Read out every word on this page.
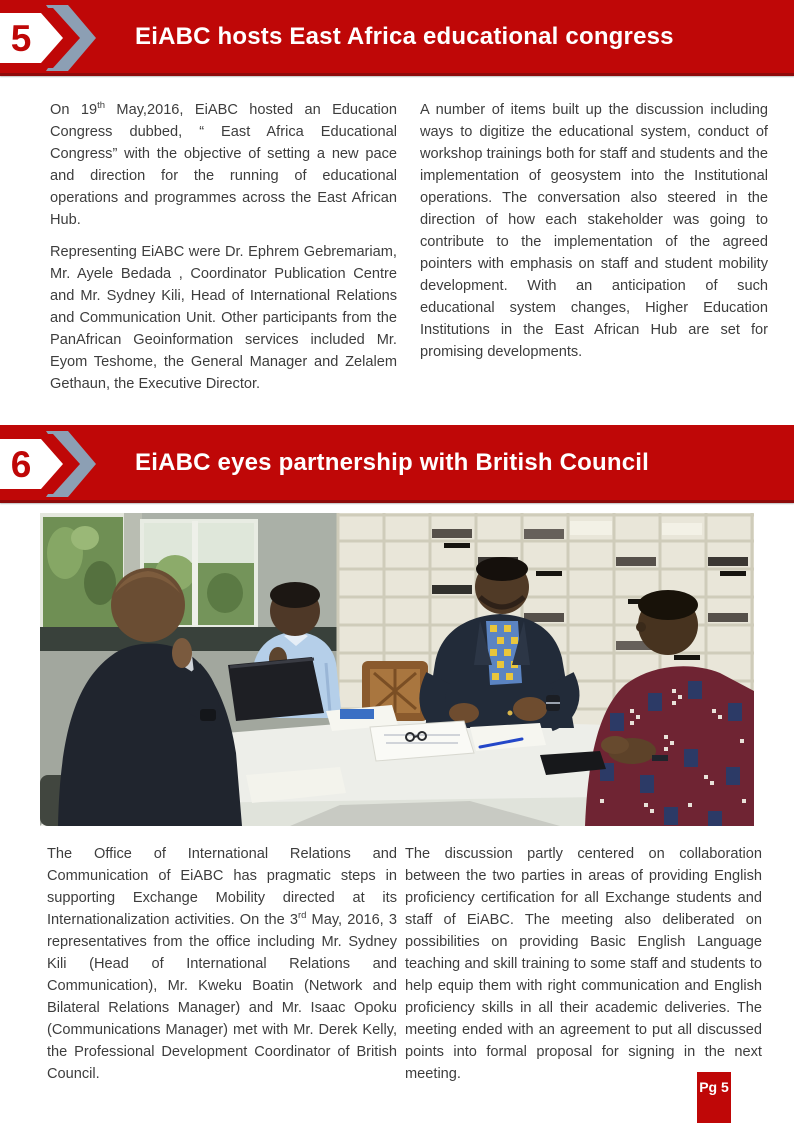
5	EiABC hosts East Africa educational congress

On 19th May,2016, EiABC hosted an Education Congress dubbed, “ East Africa Educational Congress” with the objective of setting a new pace and direction for the running of educational operations and programmes across the East African Hub.

Representing EiABC were Dr. Ephrem Gebremariam, Mr. Ayele Bedada , Coordinator Publication Centre and Mr. Sydney Kili, Head of International Relations and Communication Unit. Other participants from the PanAfrican Geoinformation services included Mr. Eyom Teshome, the General Manager and Zelalem Gethaun, the Executive Director.

A number of items built up the discussion including ways to digitize the educational system, conduct of workshop trainings both for staff and students and the implementation of geosystem into the Institutional operations. The conversation also steered in the direction of how each stakeholder was going to contribute to the implementation of the agreed pointers with emphasis on staff and student mobility development. With an anticipation of such educational system changes, Higher Education Institutions in the East African Hub are set for promising developments.

6	EiABC eyes partnership with British Council

The Office of International Relations and Communication of EiABC has pragmatic steps in supporting Exchange Mobility directed at its Internationalization activities. On the 3rd May, 2016, 3 representatives from the office including Mr. Sydney Kili (Head of International Relations and Communication), Mr. Kweku Boatin (Network and Bilateral Relations Manager) and Mr. Isaac Opoku (Communications Manager) met with Mr. Derek Kelly, the Professional Development Coordinator of British Council.

The discussion partly centered on collaboration between the two parties in areas of providing English proficiency certification for all Exchange students and staff of EiABC. The meeting also deliberated on possibilities on providing Basic English Language teaching and skill training to some staff and students to help equip them with right communication and English proficiency skills in all their academic deliveries. The meeting ended with an agreement to put all discussed points into formal proposal for signing in the next meeting.

Pg 5
